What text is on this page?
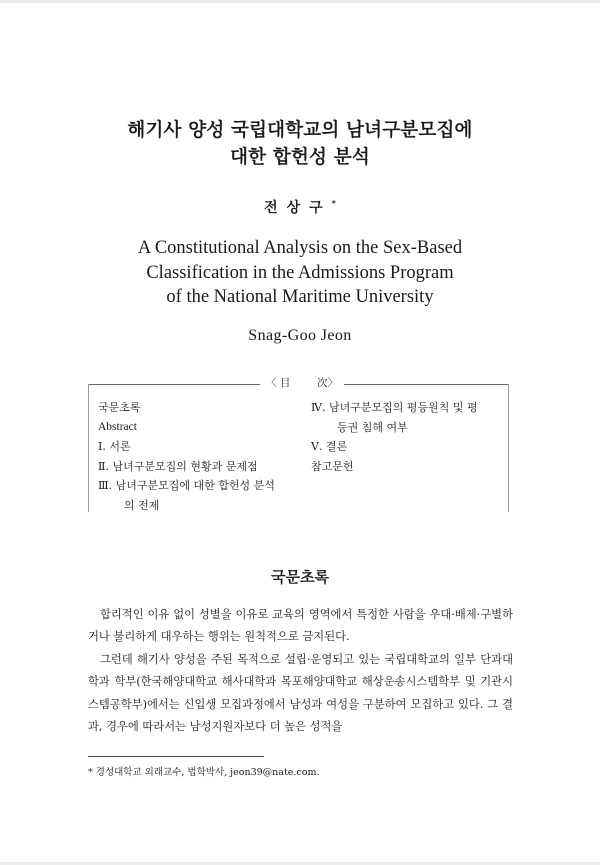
해기사 양성 국립대학교의 남녀구분모집에
대한 합헌성 분석
전상구*
A Constitutional Analysis on the Sex-Based
Classification in the Admissions Program
of the National Maritime University
Snag-Goo Jeon
〈 目	次〉
국문초록
Abstract
Ⅰ. 서론
Ⅱ. 남녀구분모집의 현황과 문제점
Ⅲ. 남녀구분모집에 대한 합헌성 분석
의 전제
Ⅳ. 남녀구분모집의 평등원칙 및 평
등권 침해 여부
Ⅴ. 결론
참고문헌
국문초록

합리적인 이유 없이 성별을 이유로 교육의 영역에서 특정한 사람을 우대·배제·구별하거나 불리하게 대우하는 행위는 원칙적으로 금지된다.

그런데 해기사 양성을 주된 목적으로 설립·운영되고 있는 국립대학교의 일부 단과대학과 학부(한국해양대학교 해사대학과 목포해양대학교 해상운송시스템학부 및 기관시스템공학부)에서는 신입생 모집과정에서 남성과 여성을 구분하여 모집하고 있다. 그 결과, 경우에 따라서는 남성지원자보다 더 높은 성적을

* 경성대학교 외래교수, 법학박사, jeon39@nate.com.
